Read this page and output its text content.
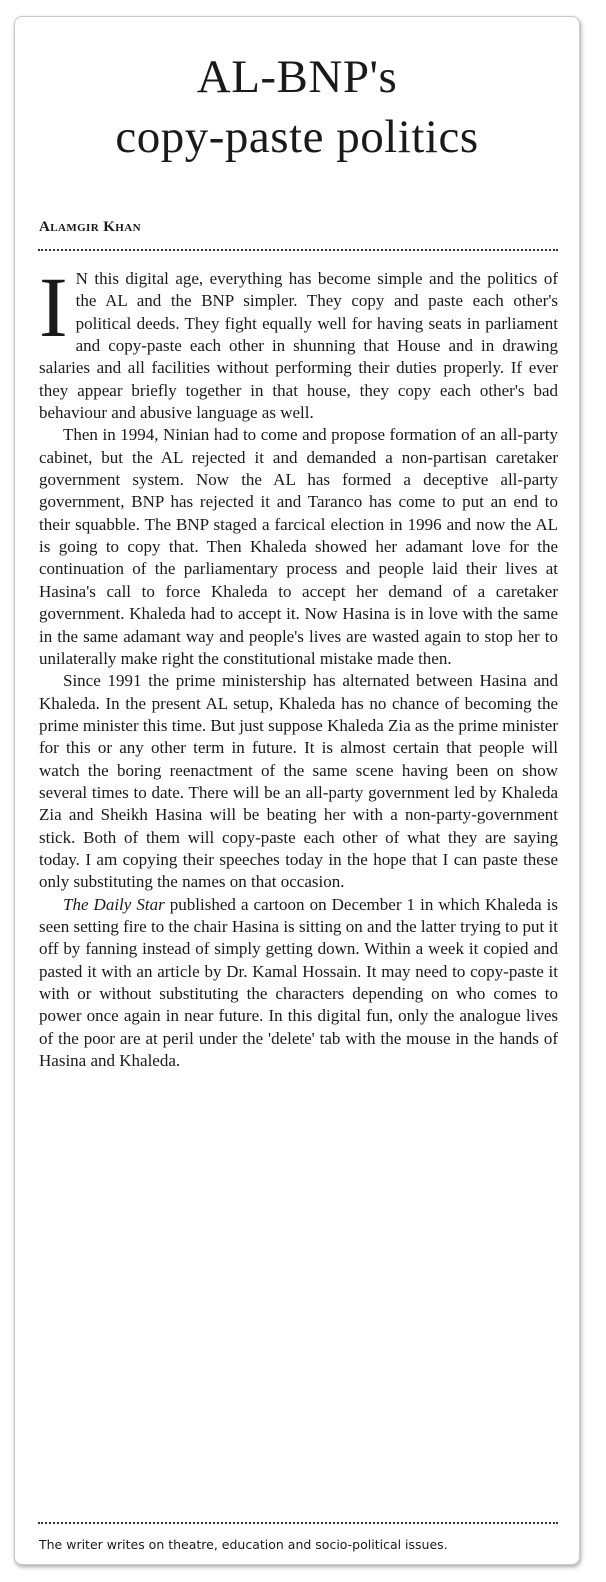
AL-BNP's
copy-paste politics
Alamgir Khan

I N this digital age, everything has become simple and the politics of the AL and the BNP simpler. They copy and paste each other's political deeds. They fight equally well for having seats in parliament and copy-paste each other in shunning that House and in drawing salaries and all facilities without performing their duties properly. If ever they appear briefly together in that house, they copy each other's bad behaviour and abusive language as well.

Then in 1994, Ninian had to come and propose formation of an all-party cabinet, but the AL rejected it and demanded a non-partisan caretaker government system. Now the AL has formed a deceptive all-party government, BNP has rejected it and Taranco has come to put an end to their squabble. The BNP staged a farcical election in 1996 and now the AL is going to copy that. Then Khaleda showed her adamant love for the continuation of the parliamentary process and people laid their lives at Hasina's call to force Khaleda to accept her demand of a caretaker government. Khaleda had to accept it. Now Hasina is in love with the same in the same adamant way and people's lives are wasted again to stop her to unilaterally make right the constitutional mistake made then.

Since 1991 the prime ministership has alternated between Hasina and Khaleda. In the present AL setup, Khaleda has no chance of becoming the prime minister this time. But just suppose Khaleda Zia as the prime minister for this or any other term in future. It is almost certain that people will watch the boring reenactment of the same scene having been on show several times to date. There will be an all-party government led by Khaleda Zia and Sheikh Hasina will be beating her with a non-party-government stick. Both of them will copy-paste each other of what they are saying today. I am copying their speeches today in the hope that I can paste these only substituting the names on that occasion.

The Daily Star published a cartoon on December 1 in which Khaleda is seen setting fire to the chair Hasina is sitting on and the latter trying to put it off by fanning instead of simply getting down. Within a week it copied and pasted it with an article by Dr. Kamal Hossain. It may need to copy-paste it with or without substituting the characters depending on who comes to power once again in near future. In this digital fun, only the analogue lives of the poor are at peril under the 'delete' tab with the mouse in the hands of Hasina and Khaleda.

The writer writes on theatre, education and socio-political issues.
